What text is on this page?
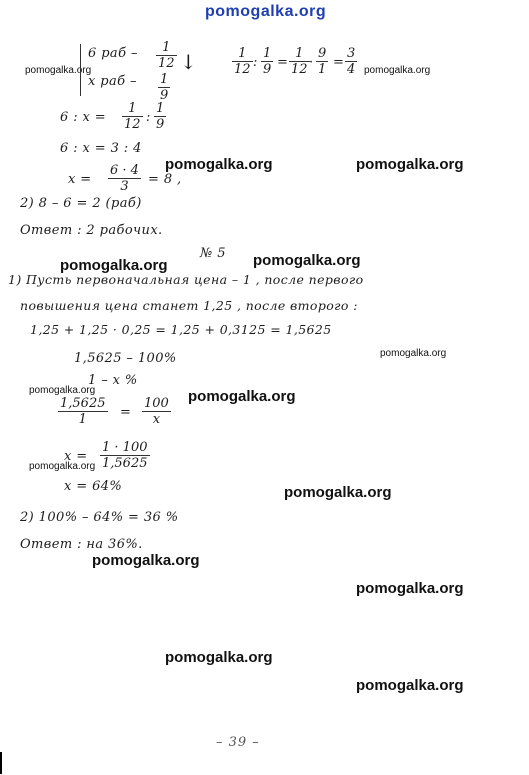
pomogalka.org
pomogalka.org	pomogalka.org
pomogalka.org	pomogalka.org
pomogalka.org
pomogalka.org
pomogalka.org
pomogalka.org	pomogalka.org
pomogalka.org
pomogalka.org
pomogalka.org
pomogalka.org
pomogalka.org
pomogalka.org
6 раб – $\frac{1}{12}$
x раб – $\frac{1}{9}$
↓	$\frac{1}{12}$ : $\frac{1}{9} = \frac{1}{12} \cdot \frac{9}{1} = \frac{3}{4}$
6 : $x = \frac{1}{12}$ : $\frac{1}{9}$
6 : x = 3 : 4
$x = \frac{6 \cdot 4}{3} = 8$ ,
2) 8 – 6 = 2 (раб)
Ответ : 2 рабочих.
№ 5
1) Пусть первоначальная цена – 1 , после первого
повышения цена станет 1,25 , после второго :
1,25 + 1,25 · 0,25 = 1,25 + 0,3125 = 1,5625
1,5625 – 100%
1 – x %
$\frac{1,5625}{1} = \frac{100}{x}$
$x = \frac{1 \cdot 100}{1,5625}$
x = 64%
2) 100% – 64% = 36 %
Ответ : на 36%.
– 39 –
